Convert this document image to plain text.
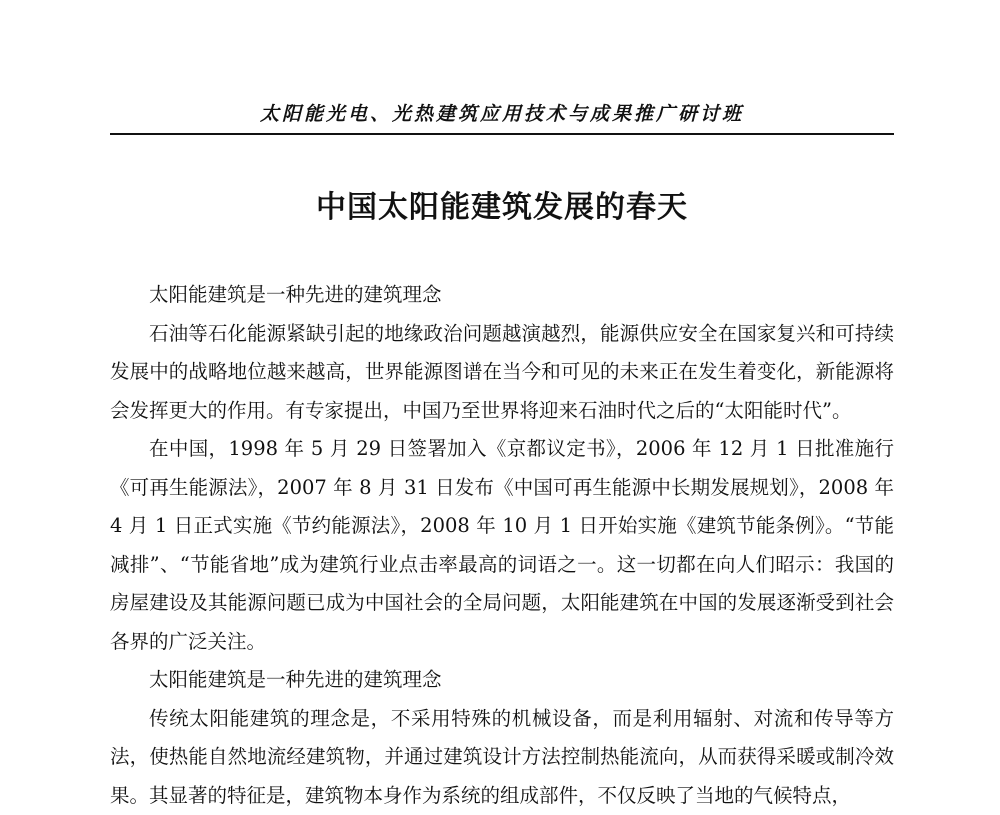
太阳能光电、光热建筑应用技术与成果推广研讨班
中国太阳能建筑发展的春天

太阳能建筑是一种先进的建筑理念

石油等石化能源紧缺引起的地缘政治问题越演越烈，能源供应安全在国家复兴和可持续发展中的战略地位越来越高，世界能源图谱在当今和可见的未来正在发生着变化，新能源将会发挥更大的作用。有专家提出，中国乃至世界将迎来石油时代之后的“太阳能时代”。

在中国，1998 年 5 月 29 日签署加入《京都议定书》，2006 年 12 月 1 日批准施行《可再生能源法》，2007 年 8 月 31 日发布《中国可再生能源中长期发展规划》，2008 年 4 月 1 日正式实施《节约能源法》，2008 年 10 月 1 日开始实施《建筑节能条例》。“节能减排”、“节能省地”成为建筑行业点击率最高的词语之一。这一切都在向人们昭示：我国的房屋建设及其能源问题已成为中国社会的全局问题，太阳能建筑在中国的发展逐渐受到社会各界的广泛关注。

太阳能建筑是一种先进的建筑理念

传统太阳能建筑的理念是，不采用特殊的机械设备，而是利用辐射、对流和传导等方法，使热能自然地流经建筑物，并通过建筑设计方法控制热能流向，从而获得采暖或制冷效果。其显著的特征是，建筑物本身作为系统的组成部件，不仅反映了当地的气候特点，
